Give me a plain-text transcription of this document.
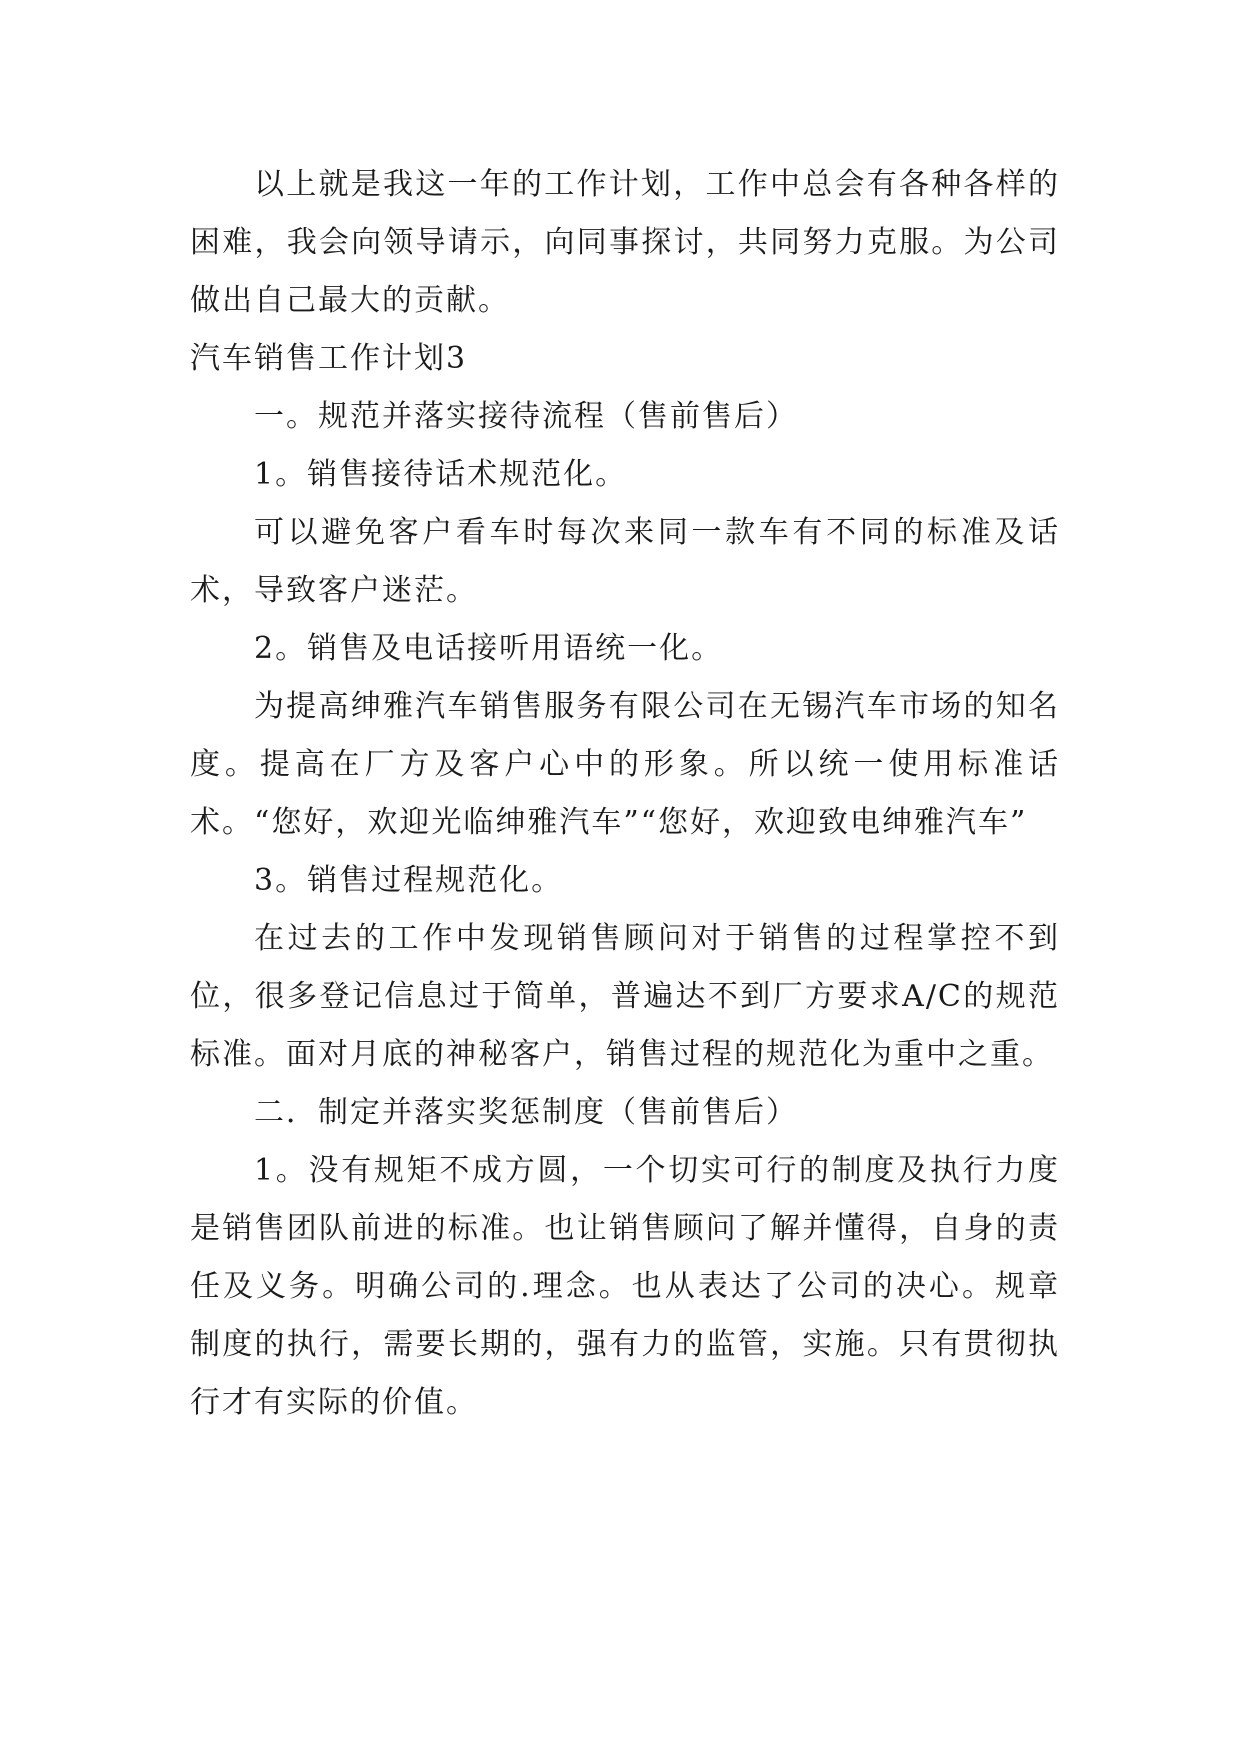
以上就是我这一年的工作计划，工作中总会有各种各样的困难，我会向领导请示，向同事探讨，共同努力克服。为公司做出自己最大的贡献。

汽车销售工作计划3

一。规范并落实接待流程（售前售后）

1。销售接待话术规范化。

可以避免客户看车时每次来同一款车有不同的标准及话术，导致客户迷茫。

2。销售及电话接听用语统一化。

为提高绅雅汽车销售服务有限公司在无锡汽车市场的知名度。提高在厂方及客户心中的形象。所以统一使用标准话术。“您好，欢迎光临绅雅汽车”“您好，欢迎致电绅雅汽车”

3。销售过程规范化。

在过去的工作中发现销售顾问对于销售的过程掌控不到位，很多登记信息过于简单，普遍达不到厂方要求A/C的规范标准。面对月底的神秘客户，销售过程的规范化为重中之重。

二．制定并落实奖惩制度（售前售后）

1。没有规矩不成方圆，一个切实可行的制度及执行力度是销售团队前进的标准。也让销售顾问了解并懂得，自身的责任及义务。明确公司的.理念。也从表达了公司的决心。规章制度的执行，需要长期的，强有力的监管，实施。只有贯彻执行才有实际的价值。
